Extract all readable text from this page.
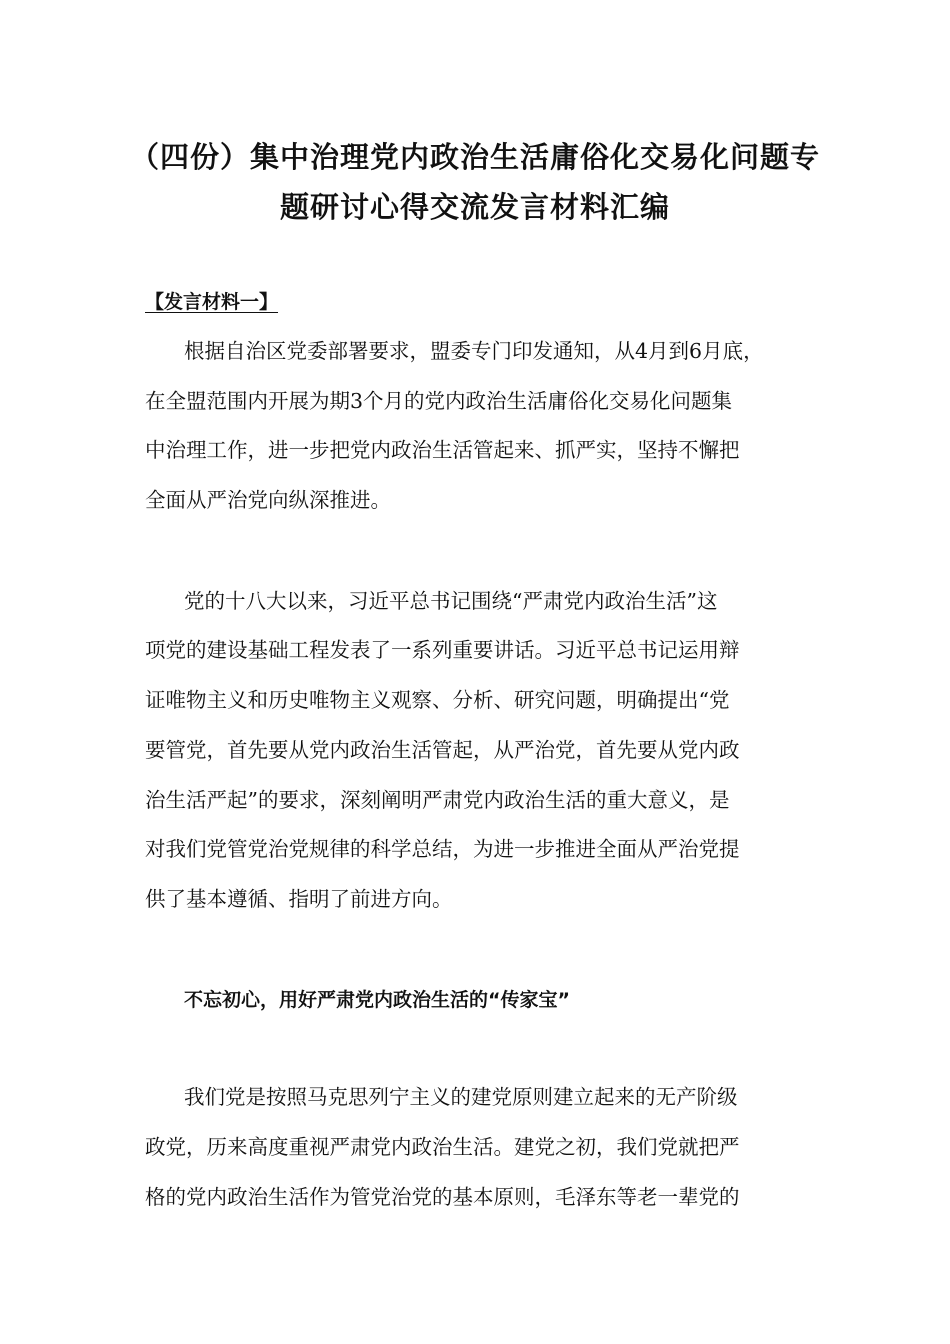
（四份）集中治理党内政治生活庸俗化交易化问题专
题研讨心得交流发言材料汇编
【发言材料一】
根据自治区党委部署要求，盟委专门印发通知，从4月到6月底，
在全盟范围内开展为期3个月的党内政治生活庸俗化交易化问题集
中治理工作，进一步把党内政治生活管起来、抓严实，坚持不懈把
全面从严治党向纵深推进。
党的十八大以来，习近平总书记围绕“严肃党内政治生活”这
项党的建设基础工程发表了一系列重要讲话。习近平总书记运用辩
证唯物主义和历史唯物主义观察、分析、研究问题，明确提出“党
要管党，首先要从党内政治生活管起，从严治党，首先要从党内政
治生活严起”的要求，深刻阐明严肃党内政治生活的重大意义，是
对我们党管党治党规律的科学总结，为进一步推进全面从严治党提
供了基本遵循、指明了前进方向。
不忘初心，用好严肃党内政治生活的“传家宝”
我们党是按照马克思列宁主义的建党原则建立起来的无产阶级
政党，历来高度重视严肃党内政治生活。建党之初，我们党就把严
格的党内政治生活作为管党治党的基本原则，毛泽东等老一辈党的
